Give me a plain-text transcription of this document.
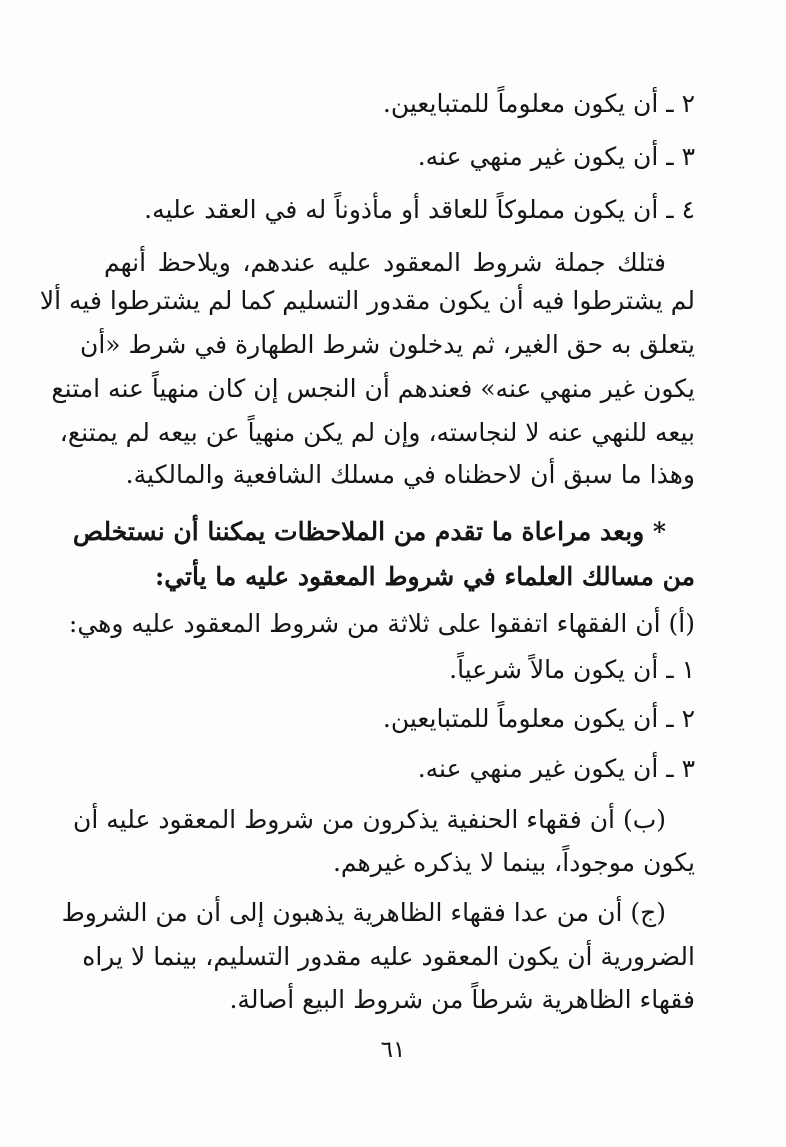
٢ ـ أن يكون معلوماً للمتبايعين.
٣ ـ أن يكون غير منهي عنه.
٤ ـ أن يكون مملوكاً للعاقد أو مأذوناً له في العقد عليه.
فتلك جملة شروط المعقود عليه عندهم، ويلاحظ أنهم
لم يشترطوا فيه أن يكون مقدور التسليم كما لم يشترطوا فيه ألا
يتعلق به حق الغير، ثم يدخلون شرط الطهارة في شرط «أن
يكون غير منهي عنه» فعندهم أن النجس إن كان منهياً عنه امتنع
بيعه للنهي عنه لا لنجاسته، وإن لم يكن منهياً عن بيعه لم يمتنع،
وهذا ما سبق أن لاحظناه في مسلك الشافعية والمالكية.
* وبعد مراعاة ما تقدم من الملاحظات يمكننا أن نستخلص
من مسالك العلماء في شروط المعقود عليه ما يأتي:
(أ) أن الفقهاء اتفقوا على ثلاثة من شروط المعقود عليه وهي:
١ ـ أن يكون مالاً شرعياً.
٢ ـ أن يكون معلوماً للمتبايعين.
٣ ـ أن يكون غير منهي عنه.
(ب) أن فقهاء الحنفية يذكرون من شروط المعقود عليه أن
يكون موجوداً، بينما لا يذكره غيرهم.
(ج) أن من عدا فقهاء الظاهرية يذهبون إلى أن من الشروط
الضرورية أن يكون المعقود عليه مقدور التسليم، بينما لا يراه
فقهاء الظاهرية شرطاً من شروط البيع أصالة.
٦١
